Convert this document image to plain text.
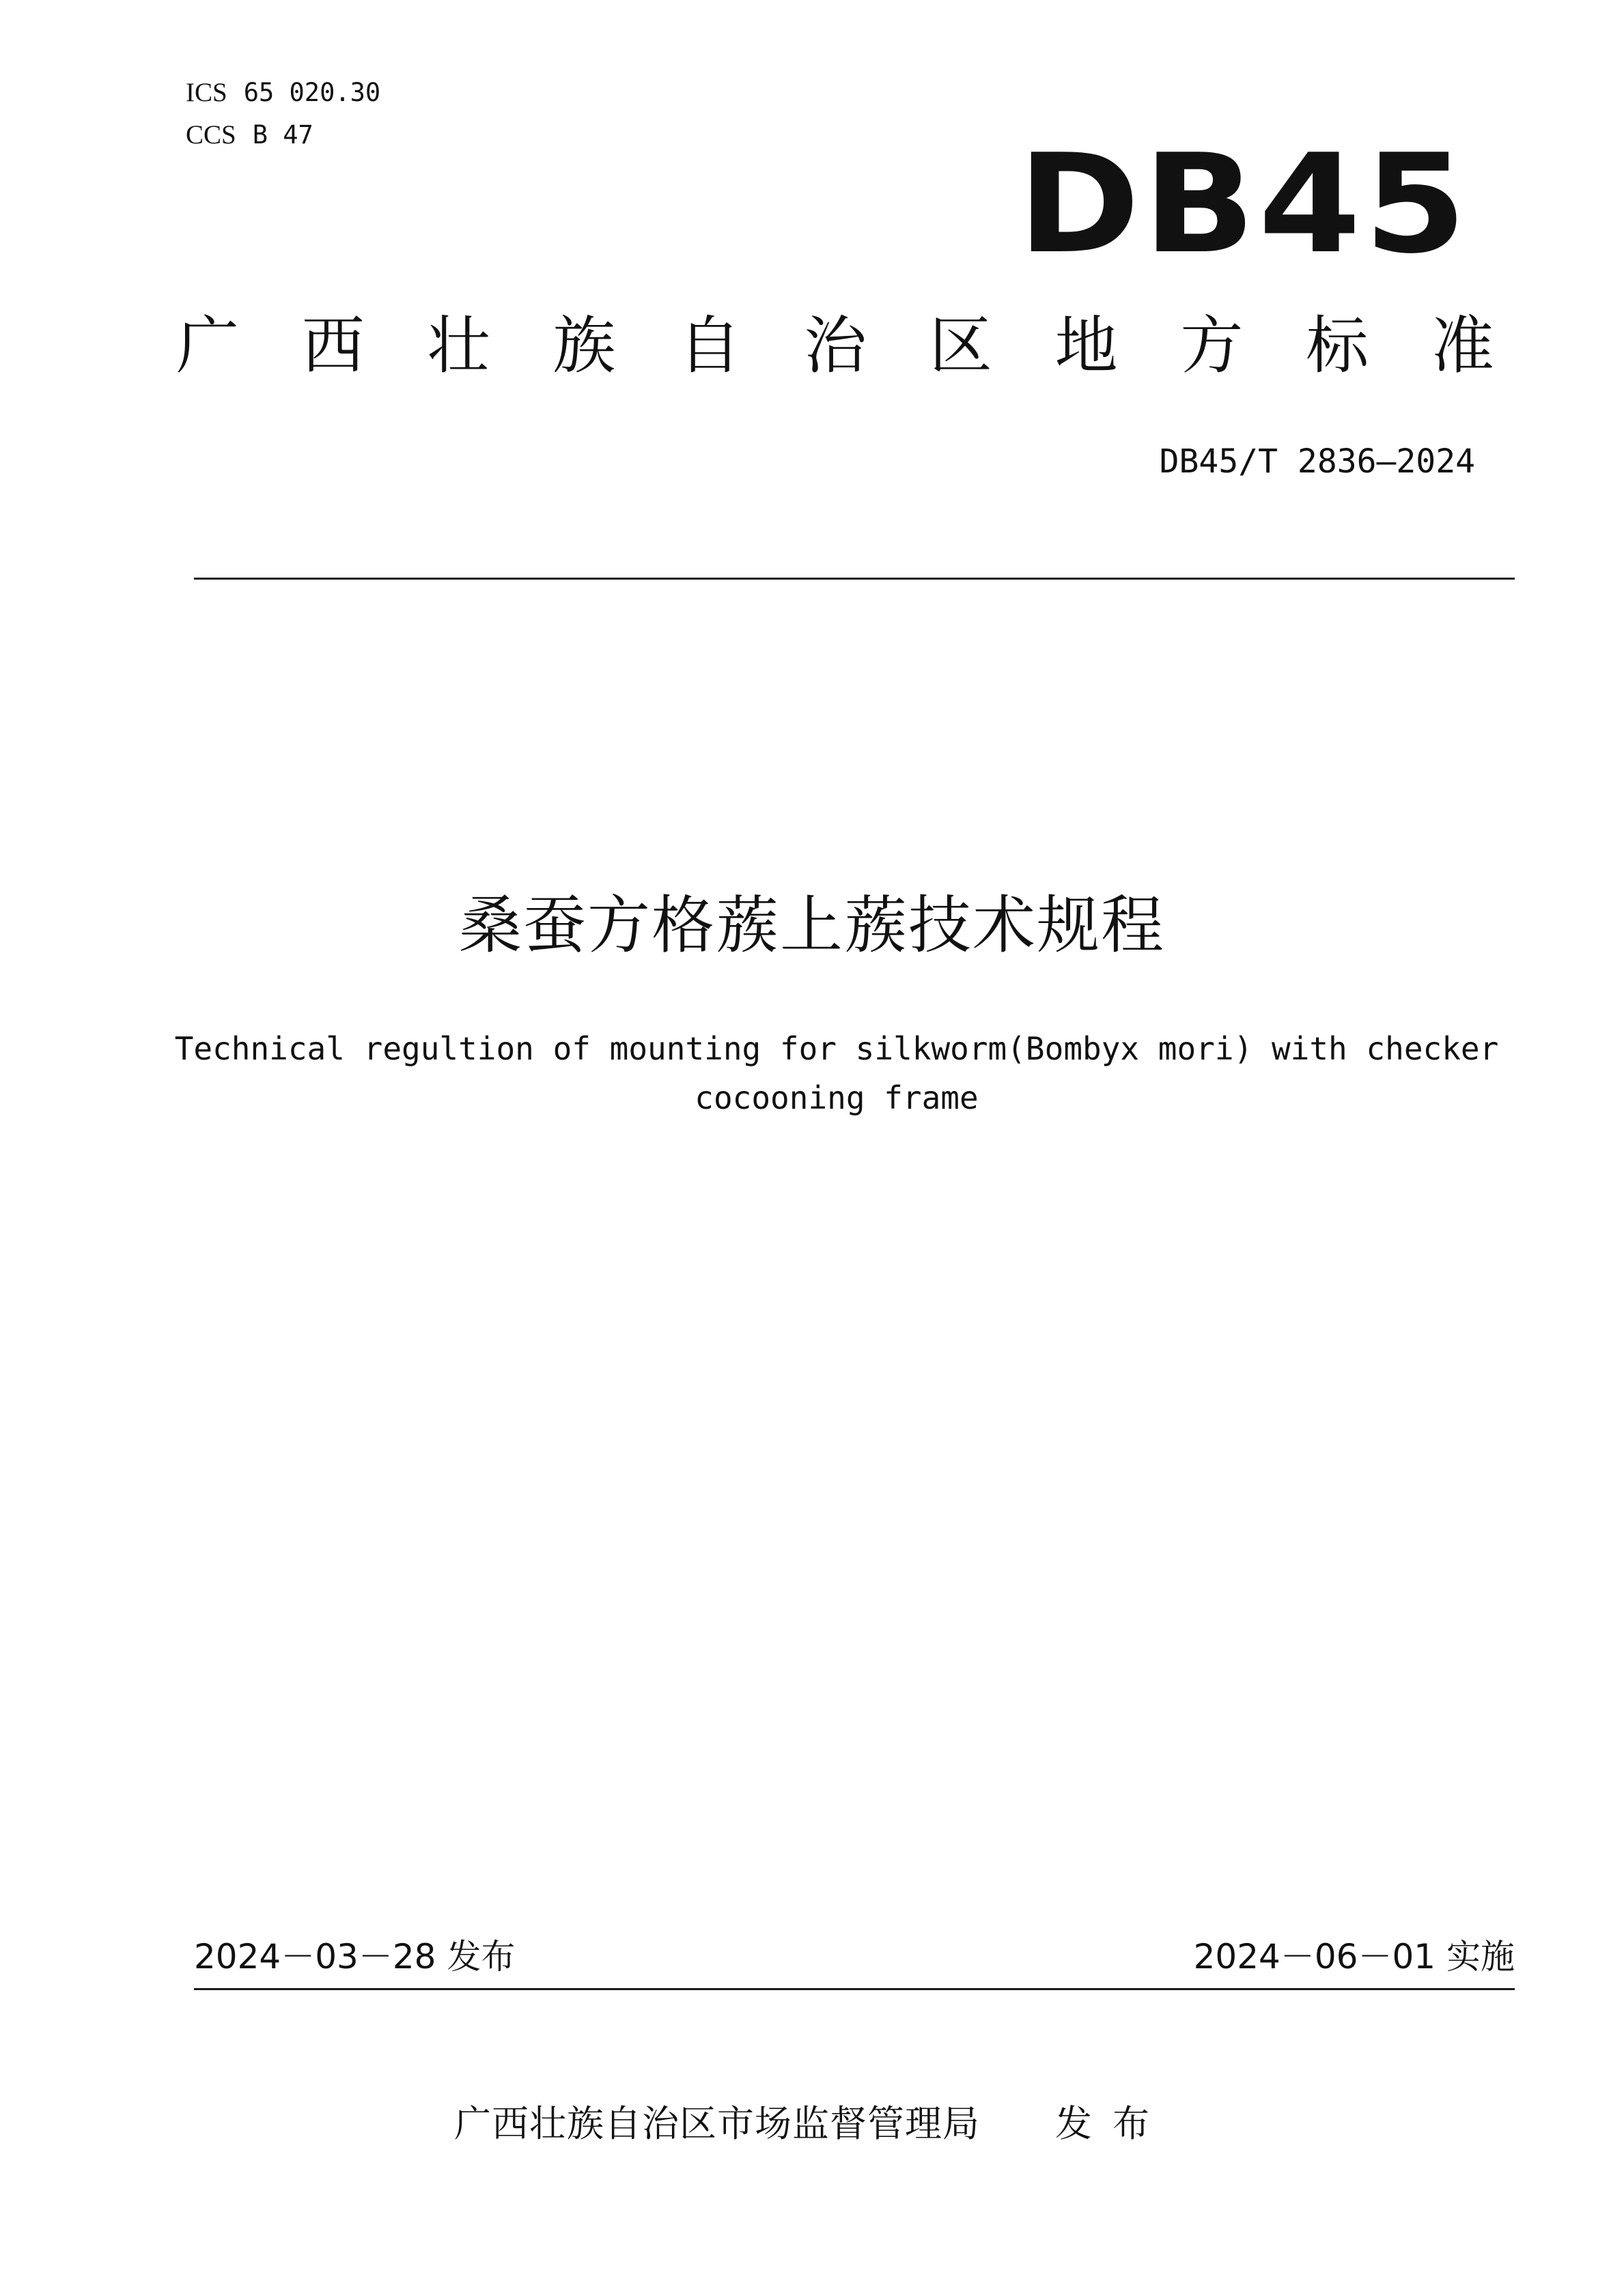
ICS 65 020.30
CCS B 47	DB45
广 西 壮 族 自 治 区 地 方 标 准
DB45/T 2836—2024
桑蚕方格蔟上蔟技术规程
Technical regultion of mounting for silkworm(Bombyx mori) with checker
cocooning frame
2024－03－28 发布	2024－06－01 实施
广西壮族自治区市场监督管理局 发布
